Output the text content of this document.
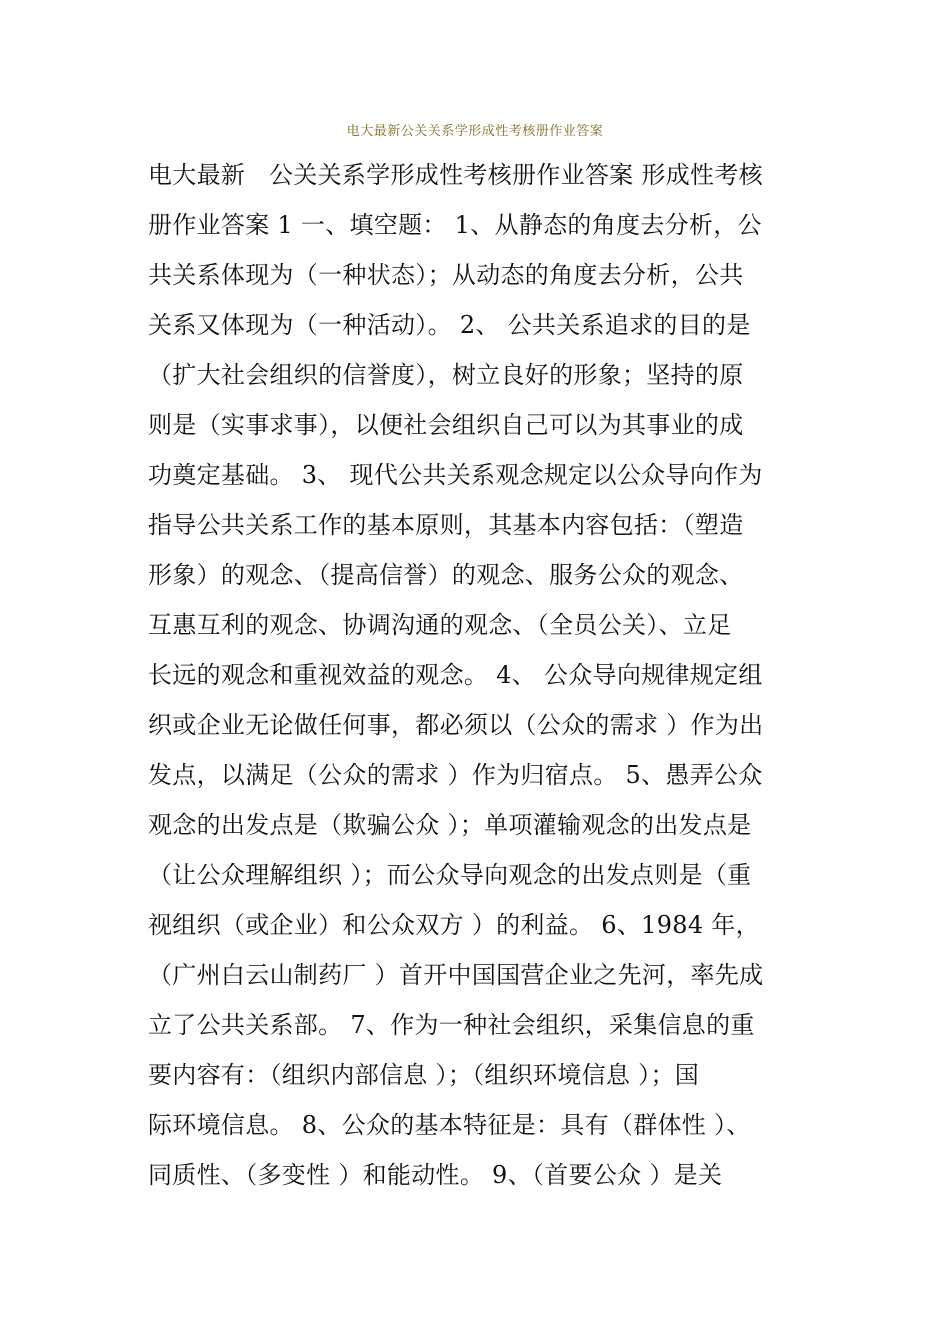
电大最新公关关系学形成性考核册作业答案
电大最新   公关关系学形成性考核册作业答案 形成性考核
册作业答案 1 一、填空题： 1、从静态的角度去分析，公
共关系体现为（一种状态）；从动态的角度去分析，公共
关系又体现为（一种活动）。 2、 公共关系追求的目的是
（扩大社会组织的信誉度），树立良好的形象；坚持的原
则是（实事求事），以便社会组织自己可以为其事业的成
功奠定基础。 3、 现代公共关系观念规定以公众导向作为
指导公共关系工作的基本原则，其基本内容包括：（塑造
形象）的观念、（提高信誉）的观念、服务公众的观念、
互惠互利的观念、协调沟通的观念、（全员公关）、立足
长远的观念和重视效益的观念。 4、 公众导向规律规定组
织或企业无论做任何事，都必须以（公众的需求 ）作为出
发点，以满足（公众的需求 ）作为归宿点。 5、愚弄公众
观念的出发点是（欺骗公众 ）；单项灌输观念的出发点是
（让公众理解组织 ）；而公众导向观念的出发点则是（重
视组织（或企业）和公众双方 ）的利益。 6、1984 年，
（广州白云山制药厂 ）首开中国国营企业之先河，率先成
立了公共关系部。 7、作为一种社会组织，采集信息的重
要内容有：（组织内部信息 ）；（组织环境信息 ）；国
际环境信息。 8、公众的基本特征是：具有（群体性 ）、
同质性、（多变性 ）和能动性。 9、（首要公众 ）是关
